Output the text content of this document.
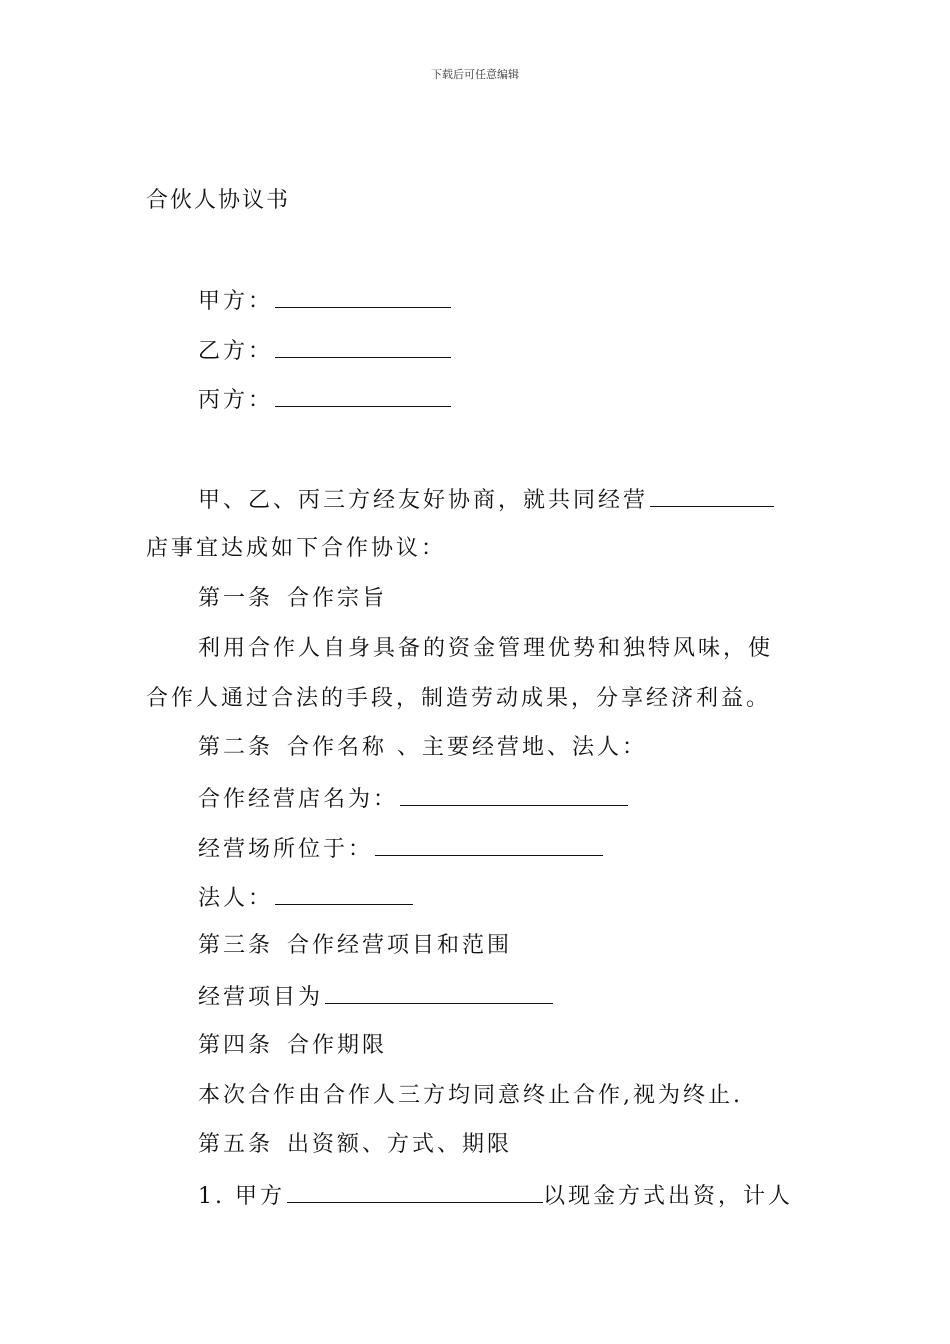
下载后可任意编辑
合伙人协议书
甲方：
乙方：
丙方：
甲、乙、丙三方经友好协商，就共同经营
店事宜达成如下合作协议：
第一条 合作宗旨
利用合作人自身具备的资金管理优势和独特风味，使
合作人通过合法的手段，制造劳动成果，分享经济利益。
第二条 合作名称 、主要经营地、法人：
合作经营店名为：
经营场所位于：
法人：
第三条 合作经营项目和范围
经营项目为
第四条 合作期限
本次合作由合作人三方均同意终止合作,视为终止.
第五条 出资额、方式、期限
1. 甲方	以现金方式出资，计人
